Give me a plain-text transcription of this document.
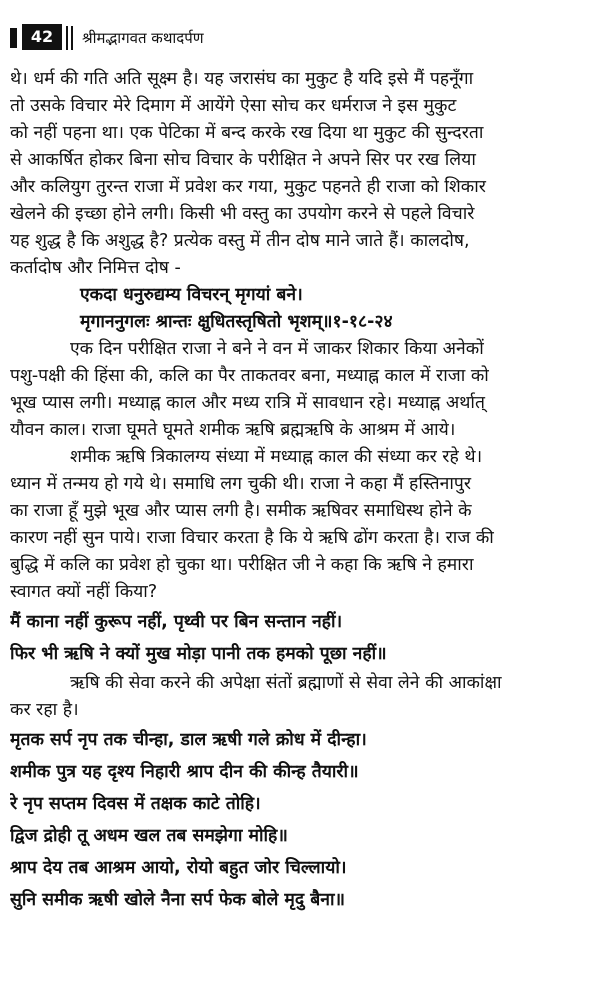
42	श्रीमद्भागवत कथादर्पण
थे। धर्म की गति अति सूक्ष्म है। यह जरासंघ का मुकुट है यदि इसे मैं पहनूँगा
तो उसके विचार मेरे दिमाग में आयेंगे ऐसा सोच कर धर्मराज ने इस मुकुट
को नहीं पहना था। एक पेटिका में बन्द करके रख दिया था मुकुट की सुन्दरता
से आकर्षित होकर बिना सोच विचार के परीक्षित ने अपने सिर पर रख लिया
और कलियुग तुरन्त राजा में प्रवेश कर गया, मुकुट पहनते ही राजा को शिकार
खेलने की इच्छा होने लगी। किसी भी वस्तु का उपयोग करने से पहले विचारे
यह शुद्ध है कि अशुद्ध है? प्रत्येक वस्तु में तीन दोष माने जाते हैं। कालदोष,
कर्तादोष और निमित्त दोष -
एकदा धनुरुद्यम्य विचरन् मृगयां बने।
मृगाननुगलः श्रान्तः क्षुधितस्तृषितो भृशम्॥१-१८-२४
एक दिन परीक्षित राजा ने बने ने वन में जाकर शिकार किया अनेकों
पशु-पक्षी की हिंसा की, कलि का पैर ताकतवर बना, मध्याह्न काल में राजा को
भूख प्यास लगी। मध्याह्न काल और मध्य रात्रि में सावधान रहे। मध्याह्न अर्थात्
यौवन काल। राजा घूमते घूमते शमीक ऋषि ब्रह्मऋषि के आश्रम में आये।
शमीक ऋषि त्रिकालग्य संध्या में मध्याह्न काल की संध्या कर रहे थे।
ध्यान में तन्मय हो गये थे। समाधि लग चुकी थी। राजा ने कहा मैं हस्तिनापुर
का राजा हूँ मुझे भूख और प्यास लगी है। समीक ऋषिवर समाधिस्थ होने के
कारण नहीं सुन पाये। राजा विचार करता है कि ये ऋषि ढोंग करता है। राज की
बुद्धि में कलि का प्रवेश हो चुका था। परीक्षित जी ने कहा कि ऋषि ने हमारा
स्वागत क्यों नहीं किया?
मैं काना नहीं कुरूप नहीं, पृथ्वी पर बिन सन्तान नहीं।
फिर भी ऋषि ने क्यों मुख मोड़ा पानी तक हमको पूछा नहीं॥
ऋषि की सेवा करने की अपेक्षा संतों ब्रह्माणों से सेवा लेने की आकांक्षा
कर रहा है।
मृतक सर्प नृप तक चीन्हा, डाल ऋषी गले क्रोध में दीन्हा।
शमीक पुत्र यह दृश्य निहारी श्राप दीन की कीन्ह तैयारी॥
रे नृप सप्तम दिवस में तक्षक काटे तोहि।
द्विज द्रोही तू अधम खल तब समझेगा मोहि॥
श्राप देय तब आश्रम आयो, रोयो बहुत जोर चिल्लायो।
सुनि समीक ऋषी खोले नैना सर्प फेक बोले मृदु बैना॥
